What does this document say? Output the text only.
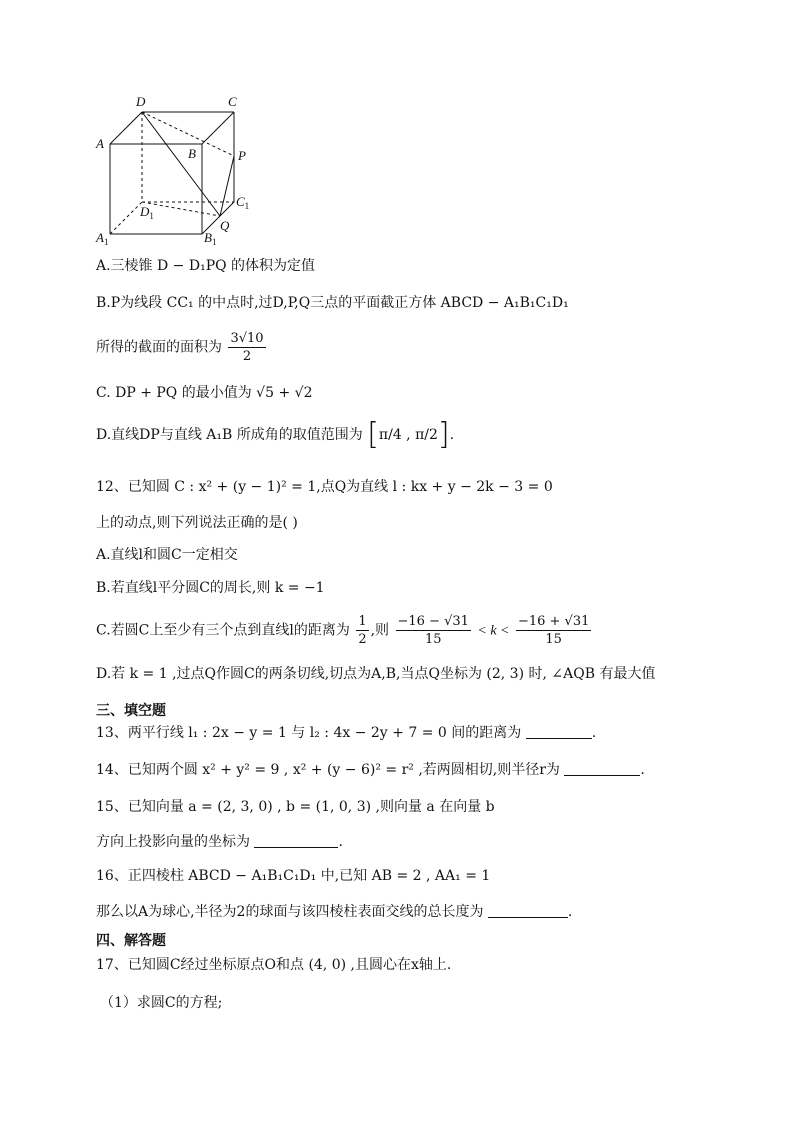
D	C
A
B	P
$C_1$
$D_1$
Q
$A_1$	$B_1$
A.三棱锥 D − D₁PQ 的体积为定值
B.P为线段 CC₁ 的中点时,过D,P,Q三点的平面截正方体 ABCD − A₁B₁C₁D₁
所得的截面的面积为 $\frac{3√10}{2}$
C. DP + PQ 的最小值为 √5 + √2
D.直线DP与直线 A₁B 所成角的取值范围为 [π/4 , π/2].
12、已知圆 C : x² + (y − 1)² = 1,点Q为直线 l : kx + y − 2k − 3 = 0
上的动点,则下列说法正确的是( )
A.直线l和圆C一定相交
B.若直线l平分圆C的周长,则 k = −1
C.若圆C上至少有三个点到直线l的距离为 $\frac{1}{2}$ ,则 $\frac{-16 - √31}{15} < k < \frac{-16 + √31}{15}$
D.若 k = 1 ,过点Q作圆C的两条切线,切点为A,B,当点Q坐标为 (2, 3) 时, ∠AQB 有最大值
三、填空题
13、两平行线 l₁ : 2x − y = 1 与 l₂ : 4x − 2y + 7 = 0 间的距离为	.
14、已知两个圆 x² + y² = 9 , x² + (y − 6)² = r² ,若两圆相切,则半径r为	.
15、已知向量 a = (2, 3, 0) , b = (1, 0, 3) ,则向量 a 在向量 b
方向上投影向量的坐标为	.
16、正四棱柱 ABCD − A₁B₁C₁D₁ 中,已知 AB = 2 , AA₁ = 1
那么以A为球心,半径为2的球面与该四棱柱表面交线的总长度为	.
四、解答题
17、已知圆C经过坐标原点O和点 (4, 0) ,且圆心在x轴上.
（1）求圆C的方程;
